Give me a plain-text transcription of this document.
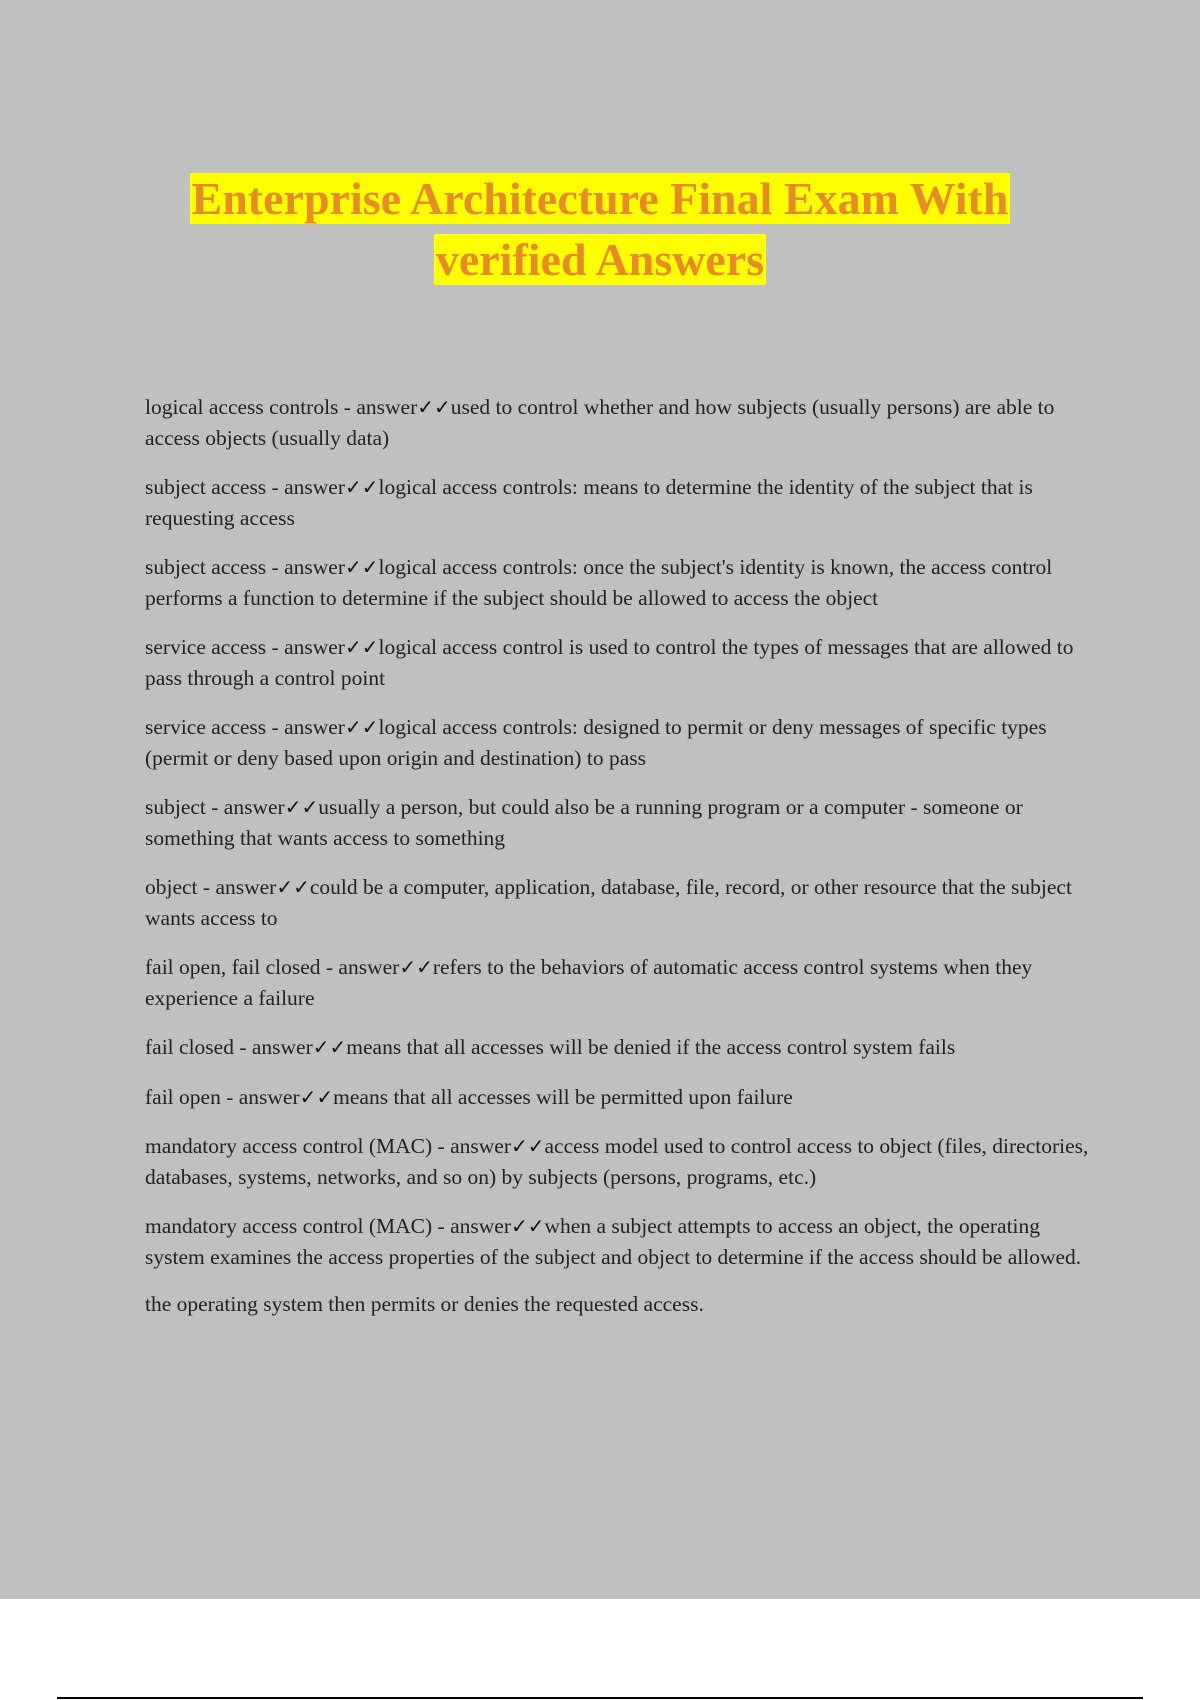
Enterprise Architecture Final Exam With
verified Answers

logical access controls - answer✓✓used to control whether and how subjects (usually persons) are able to access objects (usually data)

subject access - answer✓✓logical access controls: means to determine the identity of the subject that is requesting access

subject access - answer✓✓logical access controls: once the subject's identity is known, the access control performs a function to determine if the subject should be allowed to access the object

service access - answer✓✓logical access control is used to control the types of messages that are allowed to pass through a control point

service access - answer✓✓logical access controls: designed to permit or deny messages of specific types (permit or deny based upon origin and destination) to pass

subject - answer✓✓usually a person, but could also be a running program or a computer - someone or something that wants access to something

object - answer✓✓could be a computer, application, database, file, record, or other resource that the subject wants access to

fail open, fail closed - answer✓✓refers to the behaviors of automatic access control systems when they experience a failure

fail closed - answer✓✓means that all accesses will be denied if the access control system fails

fail open - answer✓✓means that all accesses will be permitted upon failure

mandatory access control (MAC) - answer✓✓access model used to control access to object (files, directories, databases, systems, networks, and so on) by subjects (persons, programs, etc.)

mandatory access control (MAC) - answer✓✓when a subject attempts to access an object, the operating system examines the access properties of the subject and object to determine if the access should be allowed.

the operating system then permits or denies the requested access.
